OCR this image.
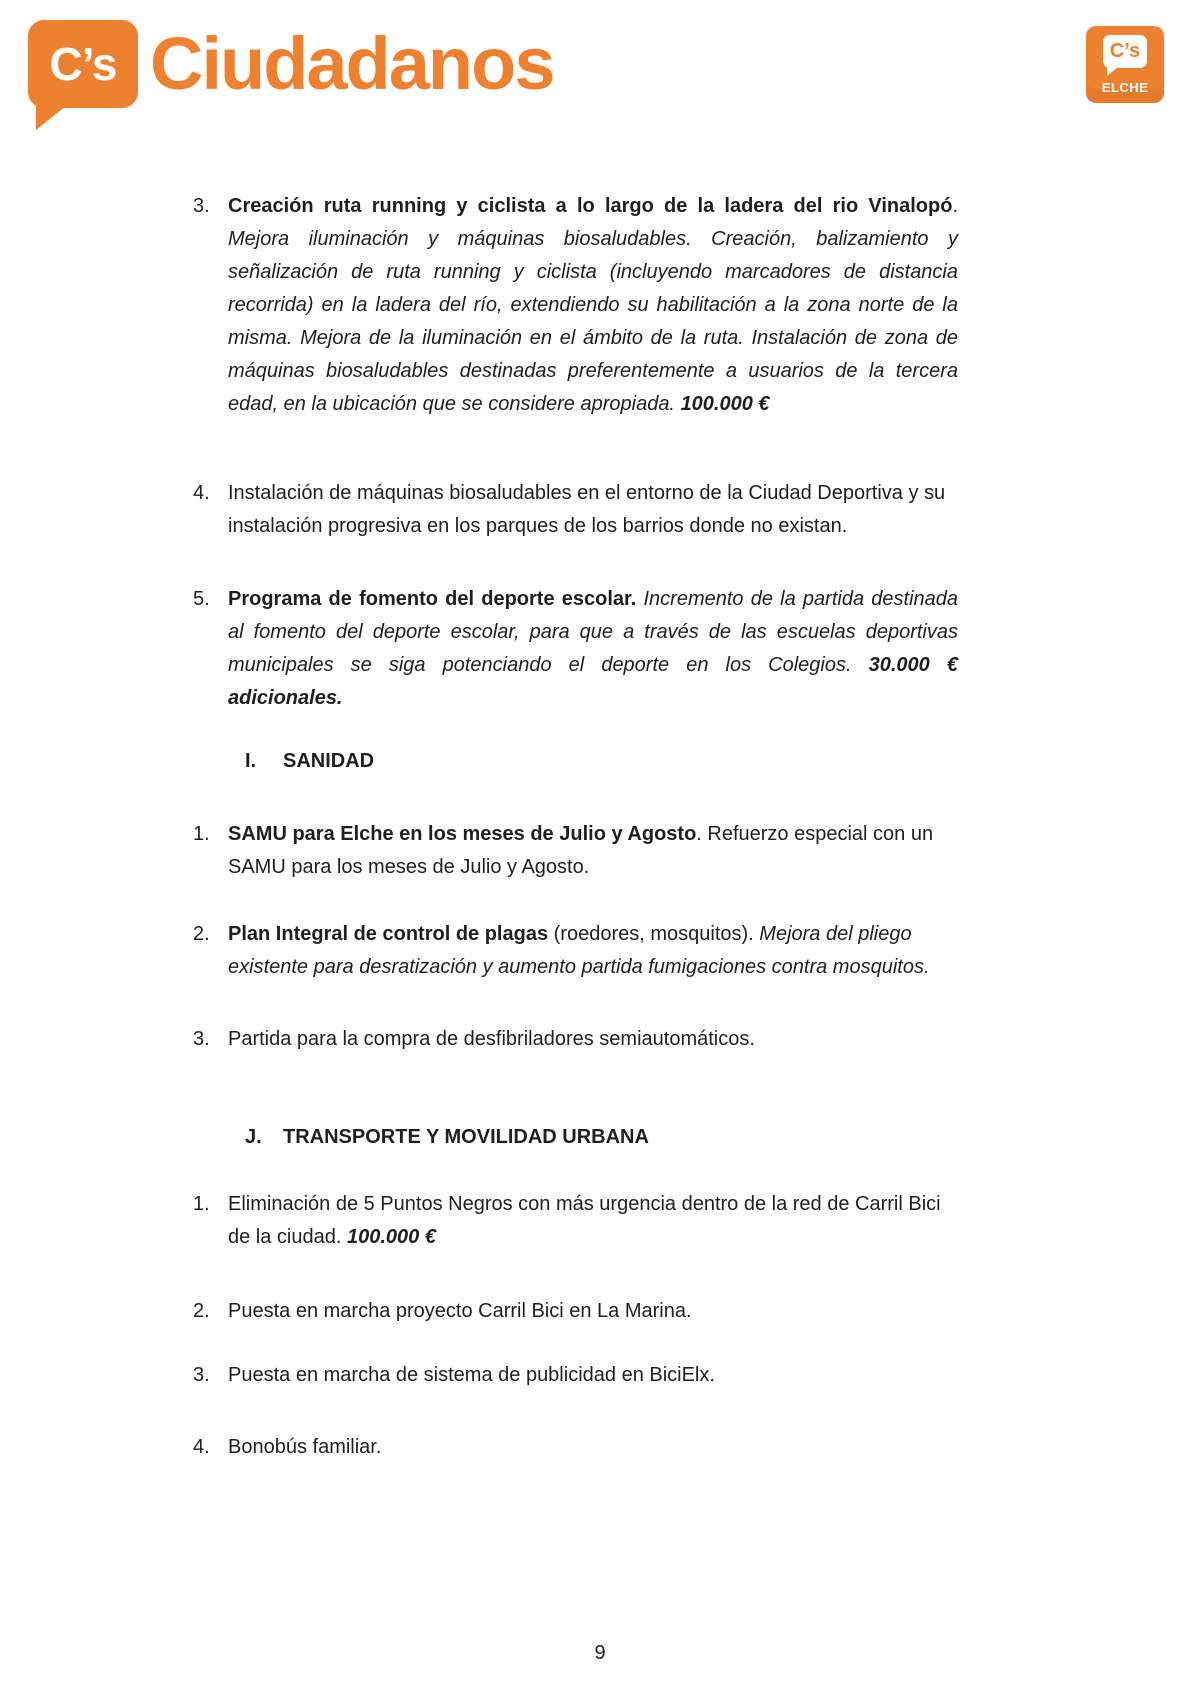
C’s Ciudadanos	C’s
ELCHE
3. Creación ruta running y ciclista a lo largo de la ladera del rio Vinalopó. Mejora iluminación y máquinas biosaludables. Creación, balizamiento y señalización de ruta running y ciclista (incluyendo marcadores de distancia recorrida) en la ladera del río, extendiendo su habilitación a la zona norte de la misma. Mejora de la iluminación en el ámbito de la ruta. Instalación de zona de máquinas biosaludables destinadas preferentemente a usuarios de la tercera edad, en la ubicación que se considere apropiada. 100.000 €
4. Instalación de máquinas biosaludables en el entorno de la Ciudad Deportiva y su instalación progresiva en los parques de los barrios donde no existan.
5. Programa de fomento del deporte escolar. Incremento de la partida destinada al fomento del deporte escolar, para que a través de las escuelas deportivas municipales se siga potenciando el deporte en los Colegios. 30.000 € adicionales.
I. SANIDAD
1. SAMU para Elche en los meses de Julio y Agosto. Refuerzo especial con un SAMU para los meses de Julio y Agosto.
2. Plan Integral de control de plagas (roedores, mosquitos). Mejora del pliego existente para desratización y aumento partida fumigaciones contra mosquitos.
3. Partida para la compra de desfibriladores semiautomáticos.
J. TRANSPORTE Y MOVILIDAD URBANA
1. Eliminación de 5 Puntos Negros con más urgencia dentro de la red de Carril Bici de la ciudad. 100.000 €
2. Puesta en marcha proyecto Carril Bici en La Marina.
3. Puesta en marcha de sistema de publicidad en BiciElx.
4. Bonobús familiar.
9
